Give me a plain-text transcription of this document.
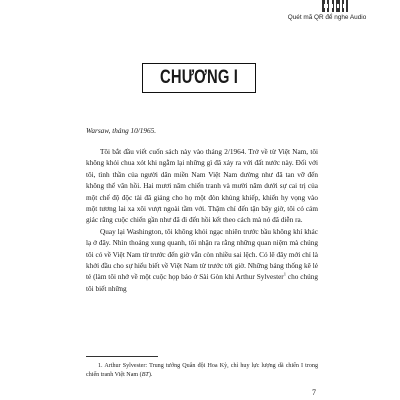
Quét mã QR để nghe Audio
CHƯƠNG I

Warsaw, tháng 10/1965.

Tôi bắt đầu viết cuốn sách này vào tháng 2/1964. Trở về từ Việt Nam, tôi không khỏi chua xót khi ngẫm lại những gì đã xảy ra với đất nước này. Đối với tôi, tình thần của người dân miền Nam Việt Nam dường như đã tan vỡ đến không thể vãn hồi. Hai mươi năm chiến tranh và mười năm dưới sự cai trị của một chế độ độc tài đã giáng cho họ một đòn khủng khiếp, khiến hy vọng vào một tương lai xa xôi vượt ngoài tầm với. Thậm chí đến tận bây giờ, tôi có cảm giác rằng cuộc chiến gần như đã đi đến hồi kết theo cách mà nó đã diễn ra.

Quay lại Washington, tôi không khỏi ngạc nhiên trước bầu không khí khác lạ ở đây. Nhìn thoáng xung quanh, tôi nhận ra rằng những quan niệm mà chúng tôi có về Việt Nam từ trước đến giờ vẫn còn nhiều sai lệch. Có lẽ đây mới chỉ là khởi đầu cho sự hiểu biết về Việt Nam từ trước tới giờ. Những bảng thống kê lẻ tẻ (làm tôi nhớ về một cuộc họp báo ở Sài Gòn khi Arthur Sylvester$^1$ cho chúng tôi biết những

1. Arthur Sylvester: Trung tướng Quân đội Hoa Kỳ, chỉ huy lực lượng dã chiến I trong chiến tranh Việt Nam (BT).
7
